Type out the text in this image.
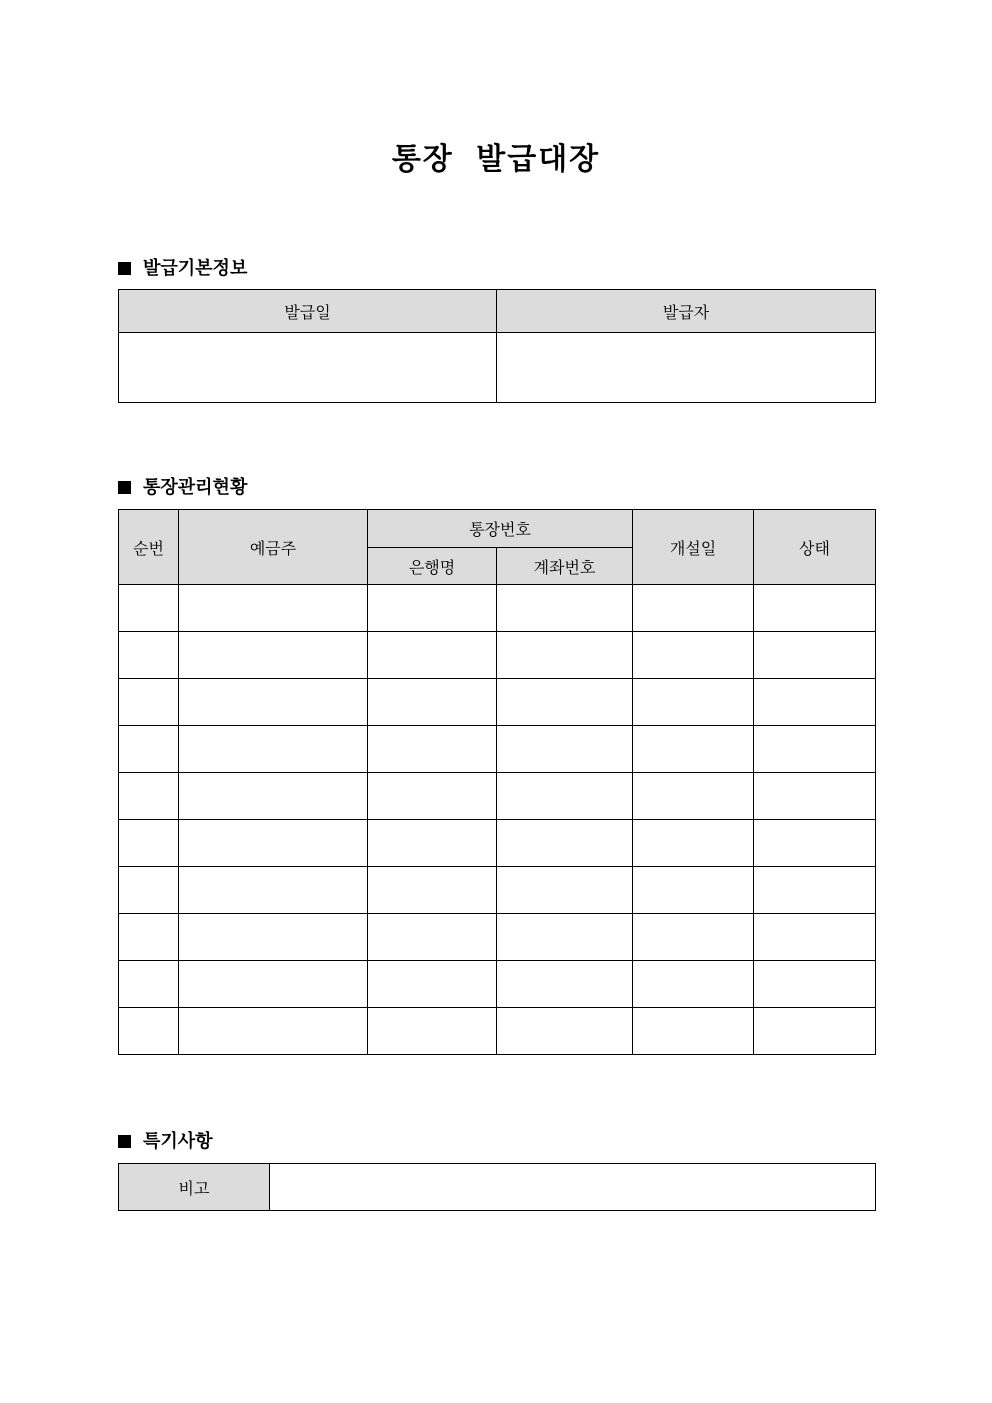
통장 발급대장
발급기본정보
발급일	발급자

통장관리현황
순번	예금주	통장번호		개설일	상태
		은행명	계좌번호		

특기사항
비고	
